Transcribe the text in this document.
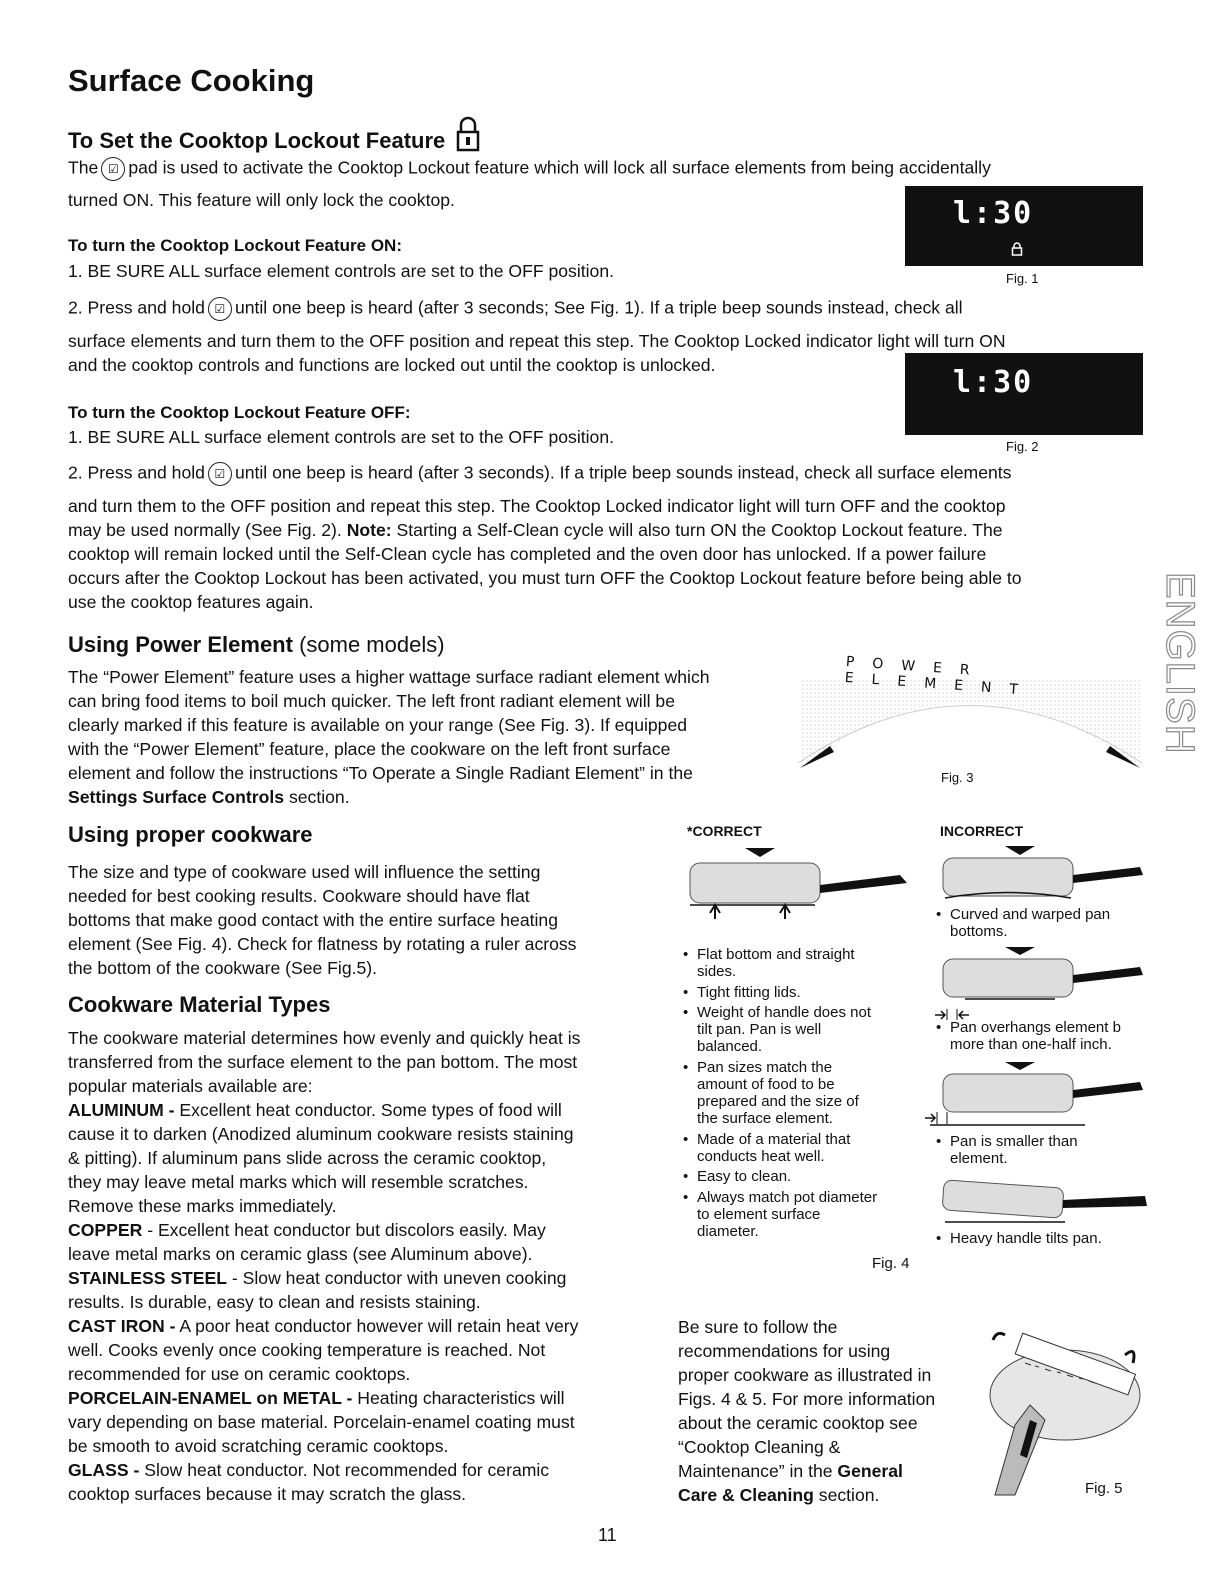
Surface Cooking
To Set the Cooktop Lockout Feature
The ☑ pad is used to activate the Cooktop Lockout feature which will lock all surface elements from being accidentally
turned ON. This feature will only lock the cooktop.
To turn the Cooktop Lockout Feature ON:
1. BE SURE ALL surface element controls are set to the OFF position.
2. Press and hold ☑ until one beep is heard (after 3 seconds; See Fig. 1). If a triple beep sounds instead, check all
surface elements and turn them to the OFF position and repeat this step. The Cooktop Locked indicator light will turn ON
and the cooktop controls and functions are locked out until the cooktop is unlocked.
To turn the Cooktop Lockout Feature OFF:
1. BE SURE ALL surface element controls are set to the OFF position.
2. Press and hold ☑ until one beep is heard (after 3 seconds). If a triple beep sounds instead, check all surface elements
and turn them to the OFF position and repeat this step. The Cooktop Locked indicator light will turn OFF and the cooktop
may be used normally (See Fig. 2). Note: Starting a Self-Clean cycle will also turn ON the Cooktop Lockout feature. The
cooktop will remain locked until the Self-Clean cycle has completed and the oven door has unlocked. If a power failure
occurs after the Cooktop Lockout has been activated, you must turn OFF the Cooktop Lockout feature before being able to
use the cooktop features again.
l:30
Fig. 1
l:30
Fig. 2
Using Power Element (some models)
The “Power Element” feature uses a higher wattage surface radiant element which
can bring food items to boil much quicker. The left front radiant element will be
clearly marked if this feature is available on your range (See Fig. 3). If equipped
with the “Power Element” feature, place the cookware on the left front surface
element and follow the instructions “To Operate a Single Radiant Element” in the
Settings Surface Controls section.
POWER ELEMENT
Fig. 3
Using proper cookware
The size and type of cookware used will influence the setting
needed for best cooking results. Cookware should have flat
bottoms that make good contact with the entire surface heating
element (See Fig. 4). Check for flatness by rotating a ruler across
the bottom of the cookware (See Fig.5).
Cookware Material Types
The cookware material determines how evenly and quickly heat is
transferred from the surface element to the pan bottom. The most
popular materials available are:
ALUMINUM - Excellent heat conductor. Some types of food will
cause it to darken (Anodized aluminum cookware resists staining
& pitting). If aluminum pans slide across the ceramic cooktop,
they may leave metal marks which will resemble scratches.
Remove these marks immediately.
COPPER - Excellent heat conductor but discolors easily. May
leave metal marks on ceramic glass (see Aluminum above).
STAINLESS STEEL - Slow heat conductor with uneven cooking
results. Is durable, easy to clean and resists staining.
CAST IRON - A poor heat conductor however will retain heat very
well. Cooks evenly once cooking temperature is reached. Not
recommended for use on ceramic cooktops.
PORCELAIN-ENAMEL on METAL - Heating characteristics will
vary depending on base material. Porcelain-enamel coating must
be smooth to avoid scratching ceramic cooktops.
GLASS - Slow heat conductor. Not recommended for ceramic
cooktop surfaces because it may scratch the glass.
*CORRECT	INCORRECT
• Flat bottom and straight
sides.
• Tight fitting lids.
• Weight of handle does not
tilt pan. Pan is well
balanced.
• Pan sizes match the
amount of food to be
prepared and the size of
the surface element.
• Made of a material that
conducts heat well.
• Easy to clean.
• Always match pot diameter
to element surface
diameter.
• Curved and warped pan
bottoms.
• Pan overhangs element b
more than one-half inch.
• Pan is smaller than
element.
• Heavy handle tilts pan.
Fig. 4
Be sure to follow the
recommendations for using
proper cookware as illustrated in
Figs. 4 & 5. For more information
about the ceramic cooktop see
“Cooktop Cleaning &
Maintenance” in the General
Care & Cleaning section.	Fig. 5
ENGLISH
11
